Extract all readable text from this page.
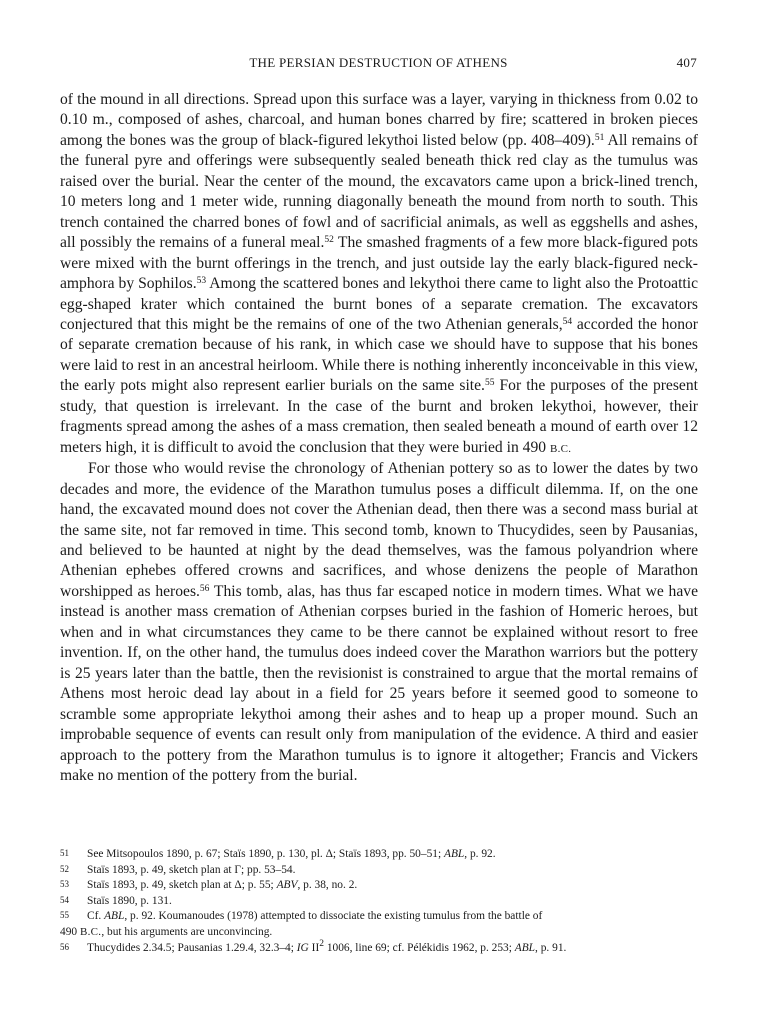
THE PERSIAN DESTRUCTION OF ATHENS	407

of the mound in all directions. Spread upon this surface was a layer, varying in thickness from 0.02 to 0.10 m., composed of ashes, charcoal, and human bones charred by fire; scattered in broken pieces among the bones was the group of black-figured lekythoi listed below (pp. 408–409).$^{51}$ All remains of the funeral pyre and offerings were subsequently sealed beneath thick red clay as the tumulus was raised over the burial. Near the center of the mound, the excavators came upon a brick-lined trench, 10 meters long and 1 meter wide, running diagonally beneath the mound from north to south. This trench contained the charred bones of fowl and of sacrificial animals, as well as eggshells and ashes, all possibly the remains of a funeral meal.$^{52}$ The smashed fragments of a few more black-figured pots were mixed with the burnt offerings in the trench, and just outside lay the early black-figured neck-amphora by Sophilos.$^{53}$ Among the scattered bones and lekythoi there came to light also the Protoattic egg-shaped krater which contained the burnt bones of a separate cremation. The excavators conjectured that this might be the remains of one of the two Athenian generals,$^{54}$ accorded the honor of separate cremation because of his rank, in which case we should have to suppose that his bones were laid to rest in an ancestral heirloom. While there is nothing inherently inconceivable in this view, the early pots might also represent earlier burials on the same site.$^{55}$ For the purposes of the present study, that question is irrelevant. In the case of the burnt and broken lekythoi, however, their fragments spread among the ashes of a mass cremation, then sealed beneath a mound of earth over 12 meters high, it is difficult to avoid the conclusion that they were buried in 490 B.C.

For those who would revise the chronology of Athenian pottery so as to lower the dates by two decades and more, the evidence of the Marathon tumulus poses a difficult dilemma. If, on the one hand, the excavated mound does not cover the Athenian dead, then there was a second mass burial at the same site, not far removed in time. This second tomb, known to Thucydides, seen by Pausanias, and believed to be haunted at night by the dead themselves, was the famous polyandrion where Athenian ephebes offered crowns and sacrifices, and whose denizens the people of Marathon worshipped as heroes.$^{56}$ This tomb, alas, has thus far escaped notice in modern times. What we have instead is another mass cremation of Athenian corpses buried in the fashion of Homeric heroes, but when and in what circumstances they came to be there cannot be explained without resort to free invention. If, on the other hand, the tumulus does indeed cover the Marathon warriors but the pottery is 25 years later than the battle, then the revisionist is constrained to argue that the mortal remains of Athens most heroic dead lay about in a field for 25 years before it seemed good to someone to scramble some appropriate lekythoi among their ashes and to heap up a proper mound. Such an improbable sequence of events can result only from manipulation of the evidence. A third and easier approach to the pottery from the Marathon tumulus is to ignore it altogether; Francis and Vickers make no mention of the pottery from the burial.

51 See Mitsopoulos 1890, p. 67; Staïs 1890, p. 130, pl. Δ; Staïs 1893, pp. 50–51; ABL, p. 92.
52 Staïs 1893, p. 49, sketch plan at Γ; pp. 53–54.
53 Staïs 1893, p. 49, sketch plan at Δ; p. 55; ABV, p. 38, no. 2.
54 Staïs 1890, p. 131.
55 Cf. ABL, p. 92. Koumanoudes (1978) attempted to dissociate the existing tumulus from the battle of
490 B.C., but his arguments are unconvincing.
56 Thucydides 2.34.5; Pausanias 1.29.4, 32.3–4; IG $II^2$ 1006, line 69; cf. Pélékidis 1962, p. 253; ABL, p. 91.
